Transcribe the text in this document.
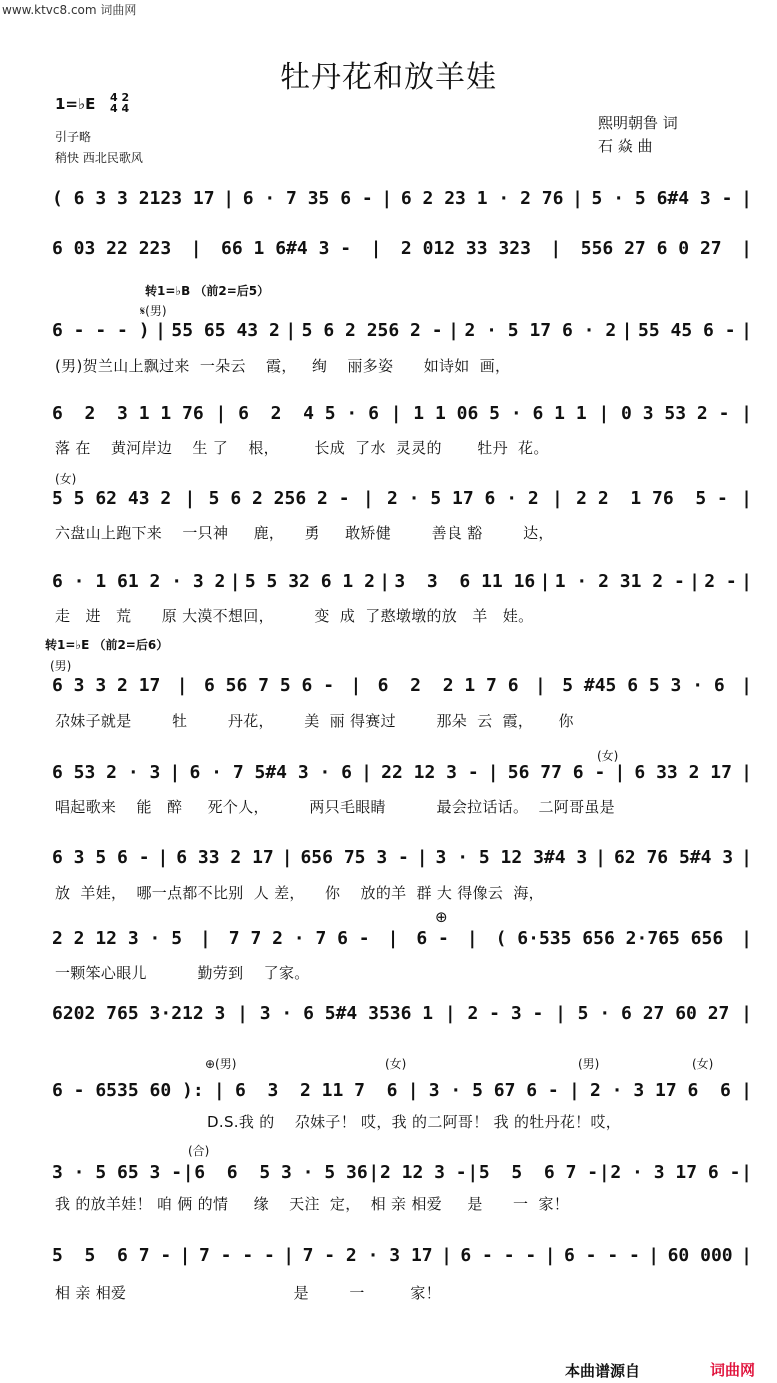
www.ktvc8.com 词曲网
牡丹花和放羊娃
1=♭E 4 2
4 4
引子略
稍快 西北民歌风
熙明朝鲁 词
石 焱 曲
转1=♭B （前2=后5）
𝄋(男)
(女)
转1=♭E （前2=后6）
(男)
(女)
⊕
⊕(男)	(女)	(男)	(女)
(合)
( 6 3 3 2123 17 | 6 · 7 35 6 - | 6 2 23 1 · 2 76 | 5 · 5 6#4 3 - |
6 03 22 223 | 66 1 6#4 3 - | 2 012 33 323 | 556 27 6 0 27 |
6 - - - ) | 55 65 43 2 | 5 6 2 256 2 - | 2 · 5 17 6 · 2 | 55 45 6 - |
(男)贺兰山上飘过来  一朵云    霞，   绚    丽多姿      如诗如  画，
6  2  3 1 1 76 | 6  2  4 5 · 6 | 1 1 06 5 · 6 1 1 | 0 3 53 2 - |
落 在    黄河岸边    生 了    根，       长成  了水  灵灵的       牡丹  花。
5 5 62 43 2 | 5 6 2 256 2 - | 2 · 5 17 6 · 2 | 2 2  1 76  5 - |
六盘山上跑下来    一只神     鹿，    勇     敢矫健        善良 豁        达，
6 · 1 61 2 · 3 2 | 5 5 32 6 1 2 | 3  3  6 11 16 | 1 · 2 31 2 - | 2 - |
走   进   荒      原 大漠不想回，        变  成  了憨墩墩的放   羊   娃。
6 3 3 2 17 | 6 56 7 5 6 - | 6  2  2 1 7 6 | 5 #45 6 5 3 · 6 |
尕妹子就是        牡        丹花，      美  丽 得赛过        那朵  云  霞，     你
6 53 2 · 3 | 6 · 7 5#4 3 · 6 | 22 12 3 - | 56 77 6 - | 6 33 2 17 |
唱起歌来    能   醉     死个人，        两只毛眼睛          最会拉话话。  二阿哥虽是
6 3 5 6 - | 6 33 2 17 | 656 75 3 - | 3 · 5 12 3#4 3 | 62 76 5#4 3 |
放  羊娃，  哪一点都不比别  人 差，    你    放的羊  群 大 得像云  海，
2 2 12 3 · 5 | 7 7 2 · 7 6 - | 6 - | ( 6·535 656 2·765 656 |
一颗笨心眼儿          勤劳到    了家。
6202 765 3·212 3 | 3 · 6 5#4 3536 1 | 2 - 3 - | 5 · 6 27 60 27 |
6 - 6535 60 ): | 6  3  2 11 7  6 | 3 · 5 67 6 - | 2 · 3 17 6  6 |
D.S.我 的    尕妹子！ 哎，我 的二阿哥！ 我 的牡丹花！哎，
3 · 5 65 3 - | 6  6  5 3 · 5 36 | 2 12 3 - | 5  5  6 7 - | 2 · 3 17 6 - |
我 的放羊娃！ 咱 俩 的情     缘    天注  定，  相 亲 相爱     是      一  家！
5  5  6 7 - | 7 - - - | 7 - 2 · 3 17 | 6 - - - | 6 - - - | 60 000 |
相 亲 相爱                                 是        一         家！
本曲谱源自	词曲网
